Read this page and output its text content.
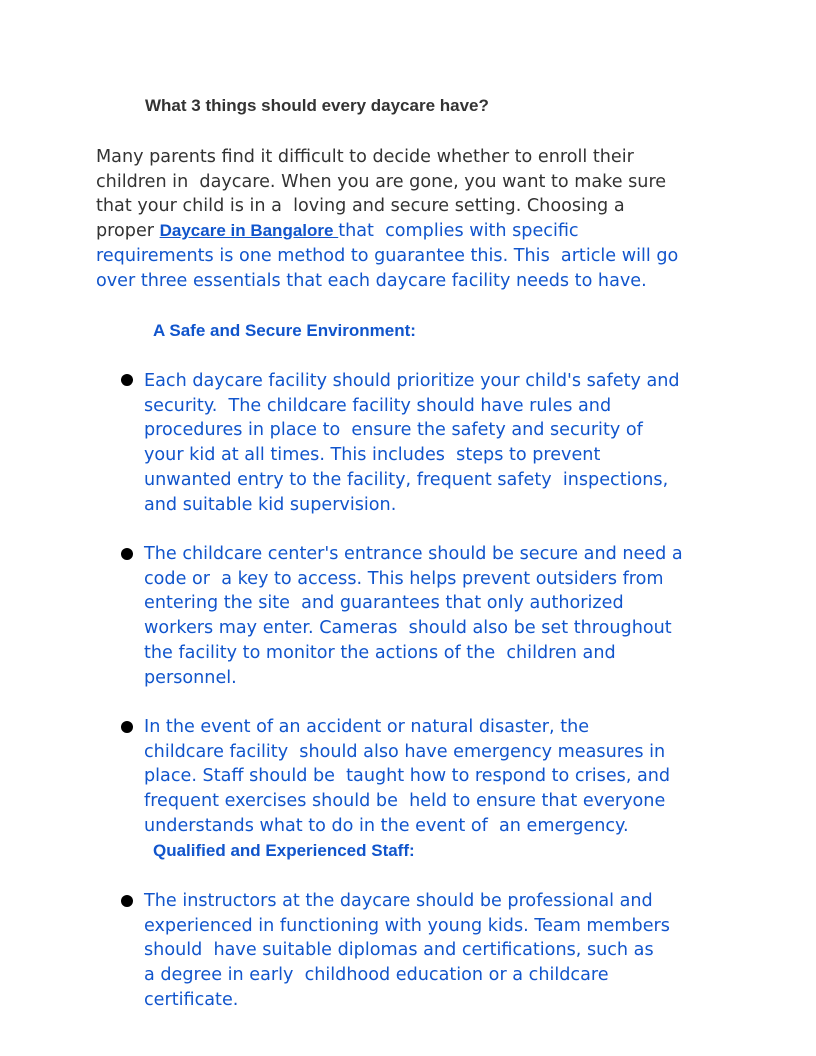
What 3 things should every daycare have?

Many parents find it difficult to decide whether to enroll their
children in  daycare. When you are gone, you want to make sure
that your child is in a  loving and secure setting. Choosing a
proper Daycare in Bangalore that  complies with specific
requirements is one method to guarantee this. This  article will go
over three essentials that each daycare facility needs to have.

A Safe and Secure Environment:

Each daycare facility should prioritize your child's safety and
security.  The childcare facility should have rules and
procedures in place to  ensure the safety and security of
your kid at all times. This includes  steps to prevent
unwanted entry to the facility, frequent safety  inspections,
and suitable kid supervision.

The childcare center's entrance should be secure and need a
code or  a key to access. This helps prevent outsiders from
entering the site  and guarantees that only authorized
workers may enter. Cameras  should also be set throughout
the facility to monitor the actions of the  children and
personnel.

In the event of an accident or natural disaster, the
childcare facility  should also have emergency measures in
place. Staff should be  taught how to respond to crises, and
frequent exercises should be  held to ensure that everyone
understands what to do in the event of  an emergency.

Qualified and Experienced Staff:

The instructors at the daycare should be professional and
experienced in functioning with young kids. Team members
should  have suitable diplomas and certifications, such as
a degree in early  childhood education or a childcare
certificate.
